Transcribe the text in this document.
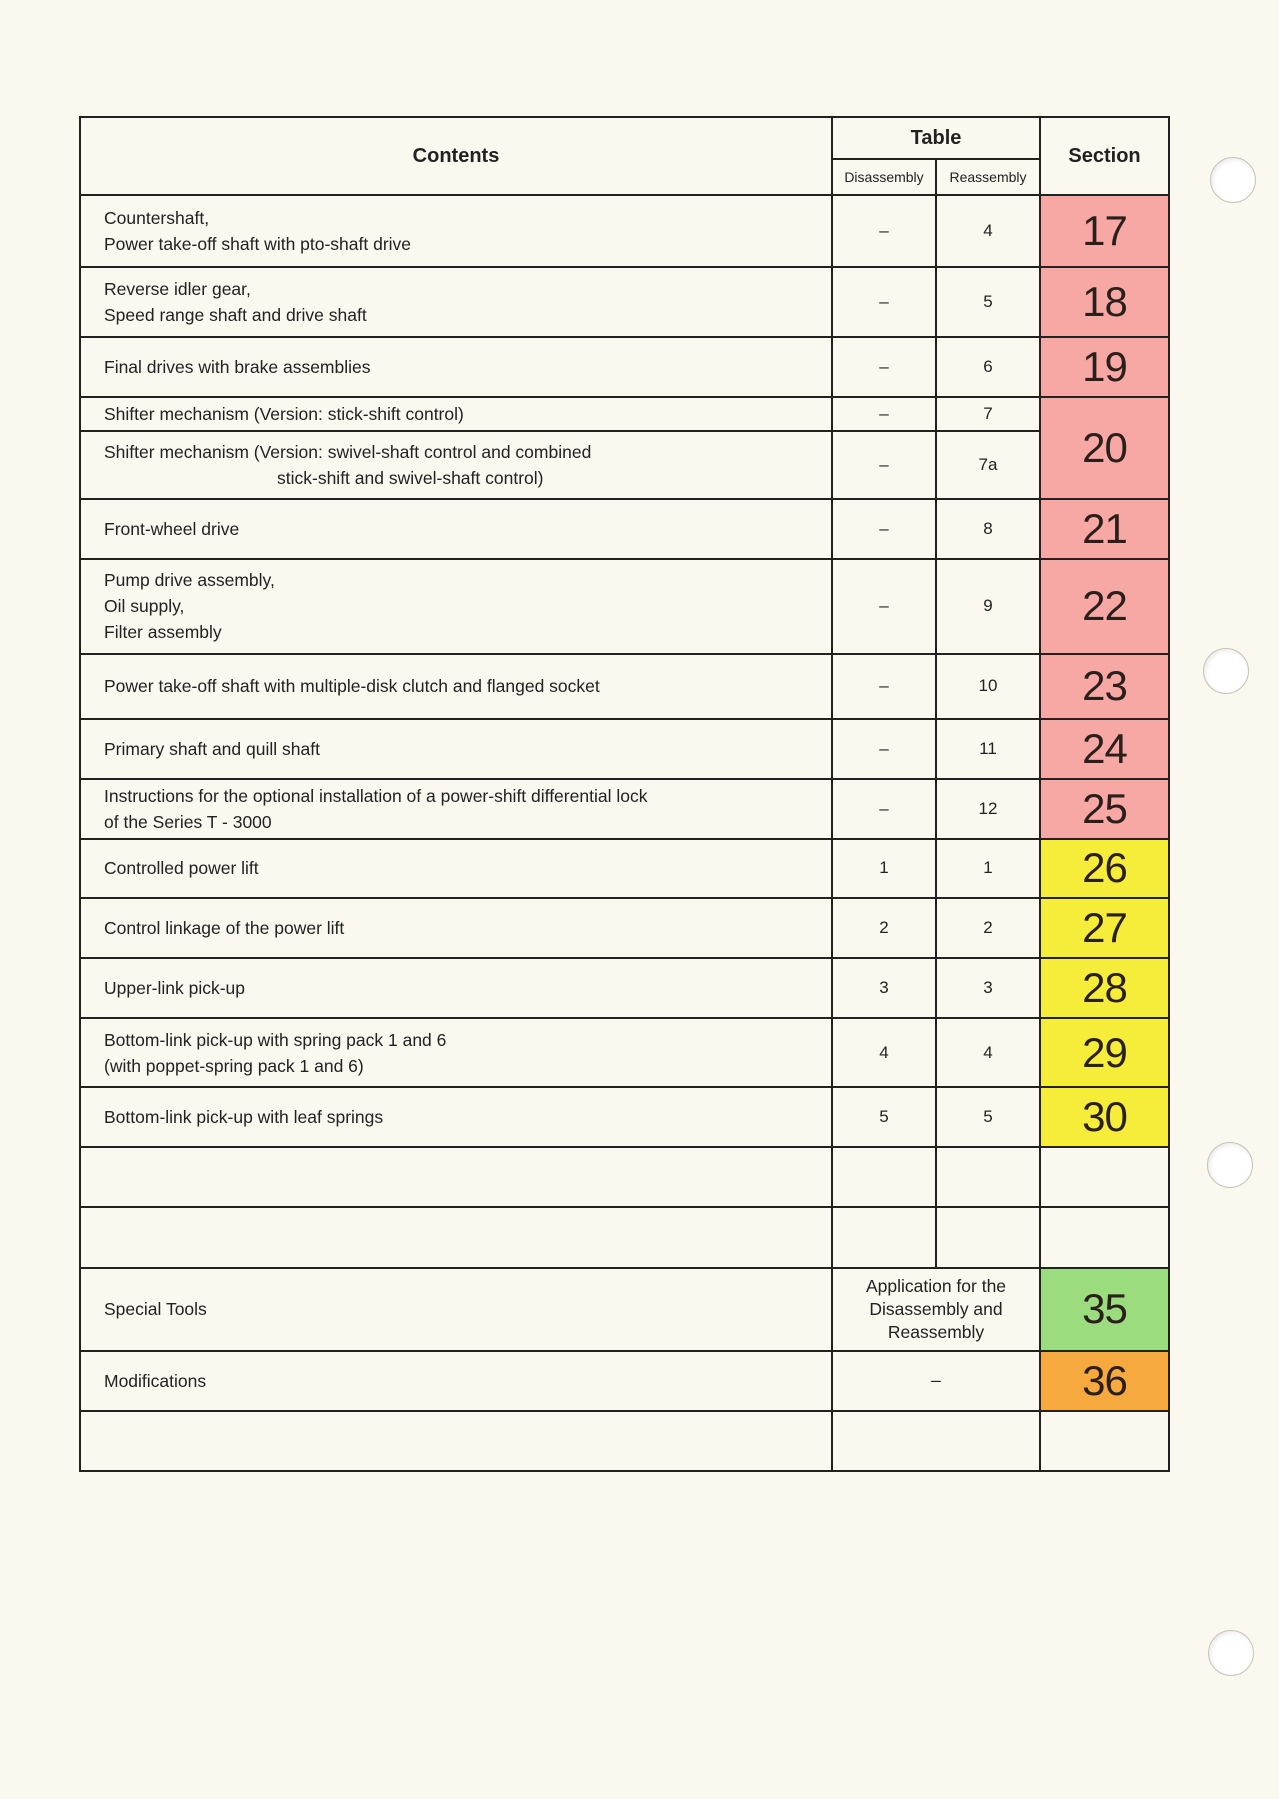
Contents	Table		Section
	Disassembly	Reassembly	

Countershaft,
Power take-off shaft with pto-shaft drive	–	4	17

Reverse idler gear,
Speed range shaft and drive shaft	–	5	18

Final drives with brake assemblies	–	6	19

Shifter mechanism (Version: stick-shift control)	–	7	20

Shifter mechanism (Version: swivel-shaft control and combined
stick-shift and swivel-shaft control)	–	7a	

Front-wheel drive	–	8	21

Pump drive assembly,
Oil supply,
Filter assembly	–	9	22

Power take-off shaft with multiple-disk clutch and flanged socket	–	10	23

Primary shaft and quill shaft	–	11	24

Instructions for the optional installation of a power-shift differential lock
of the Series T - 3000	–	12	25

Controlled power lift	1	1	26

Control linkage of the power lift	2	2	27

Upper-link pick-up	3	3	28

Bottom-link pick-up with spring pack 1 and 6
(with poppet-spring pack 1 and 6)	4	4	29

Bottom-link pick-up with leaf springs	5	5	30

Special Tools	Application for the Disassembly and Reassembly		35

Modifications	–		36
